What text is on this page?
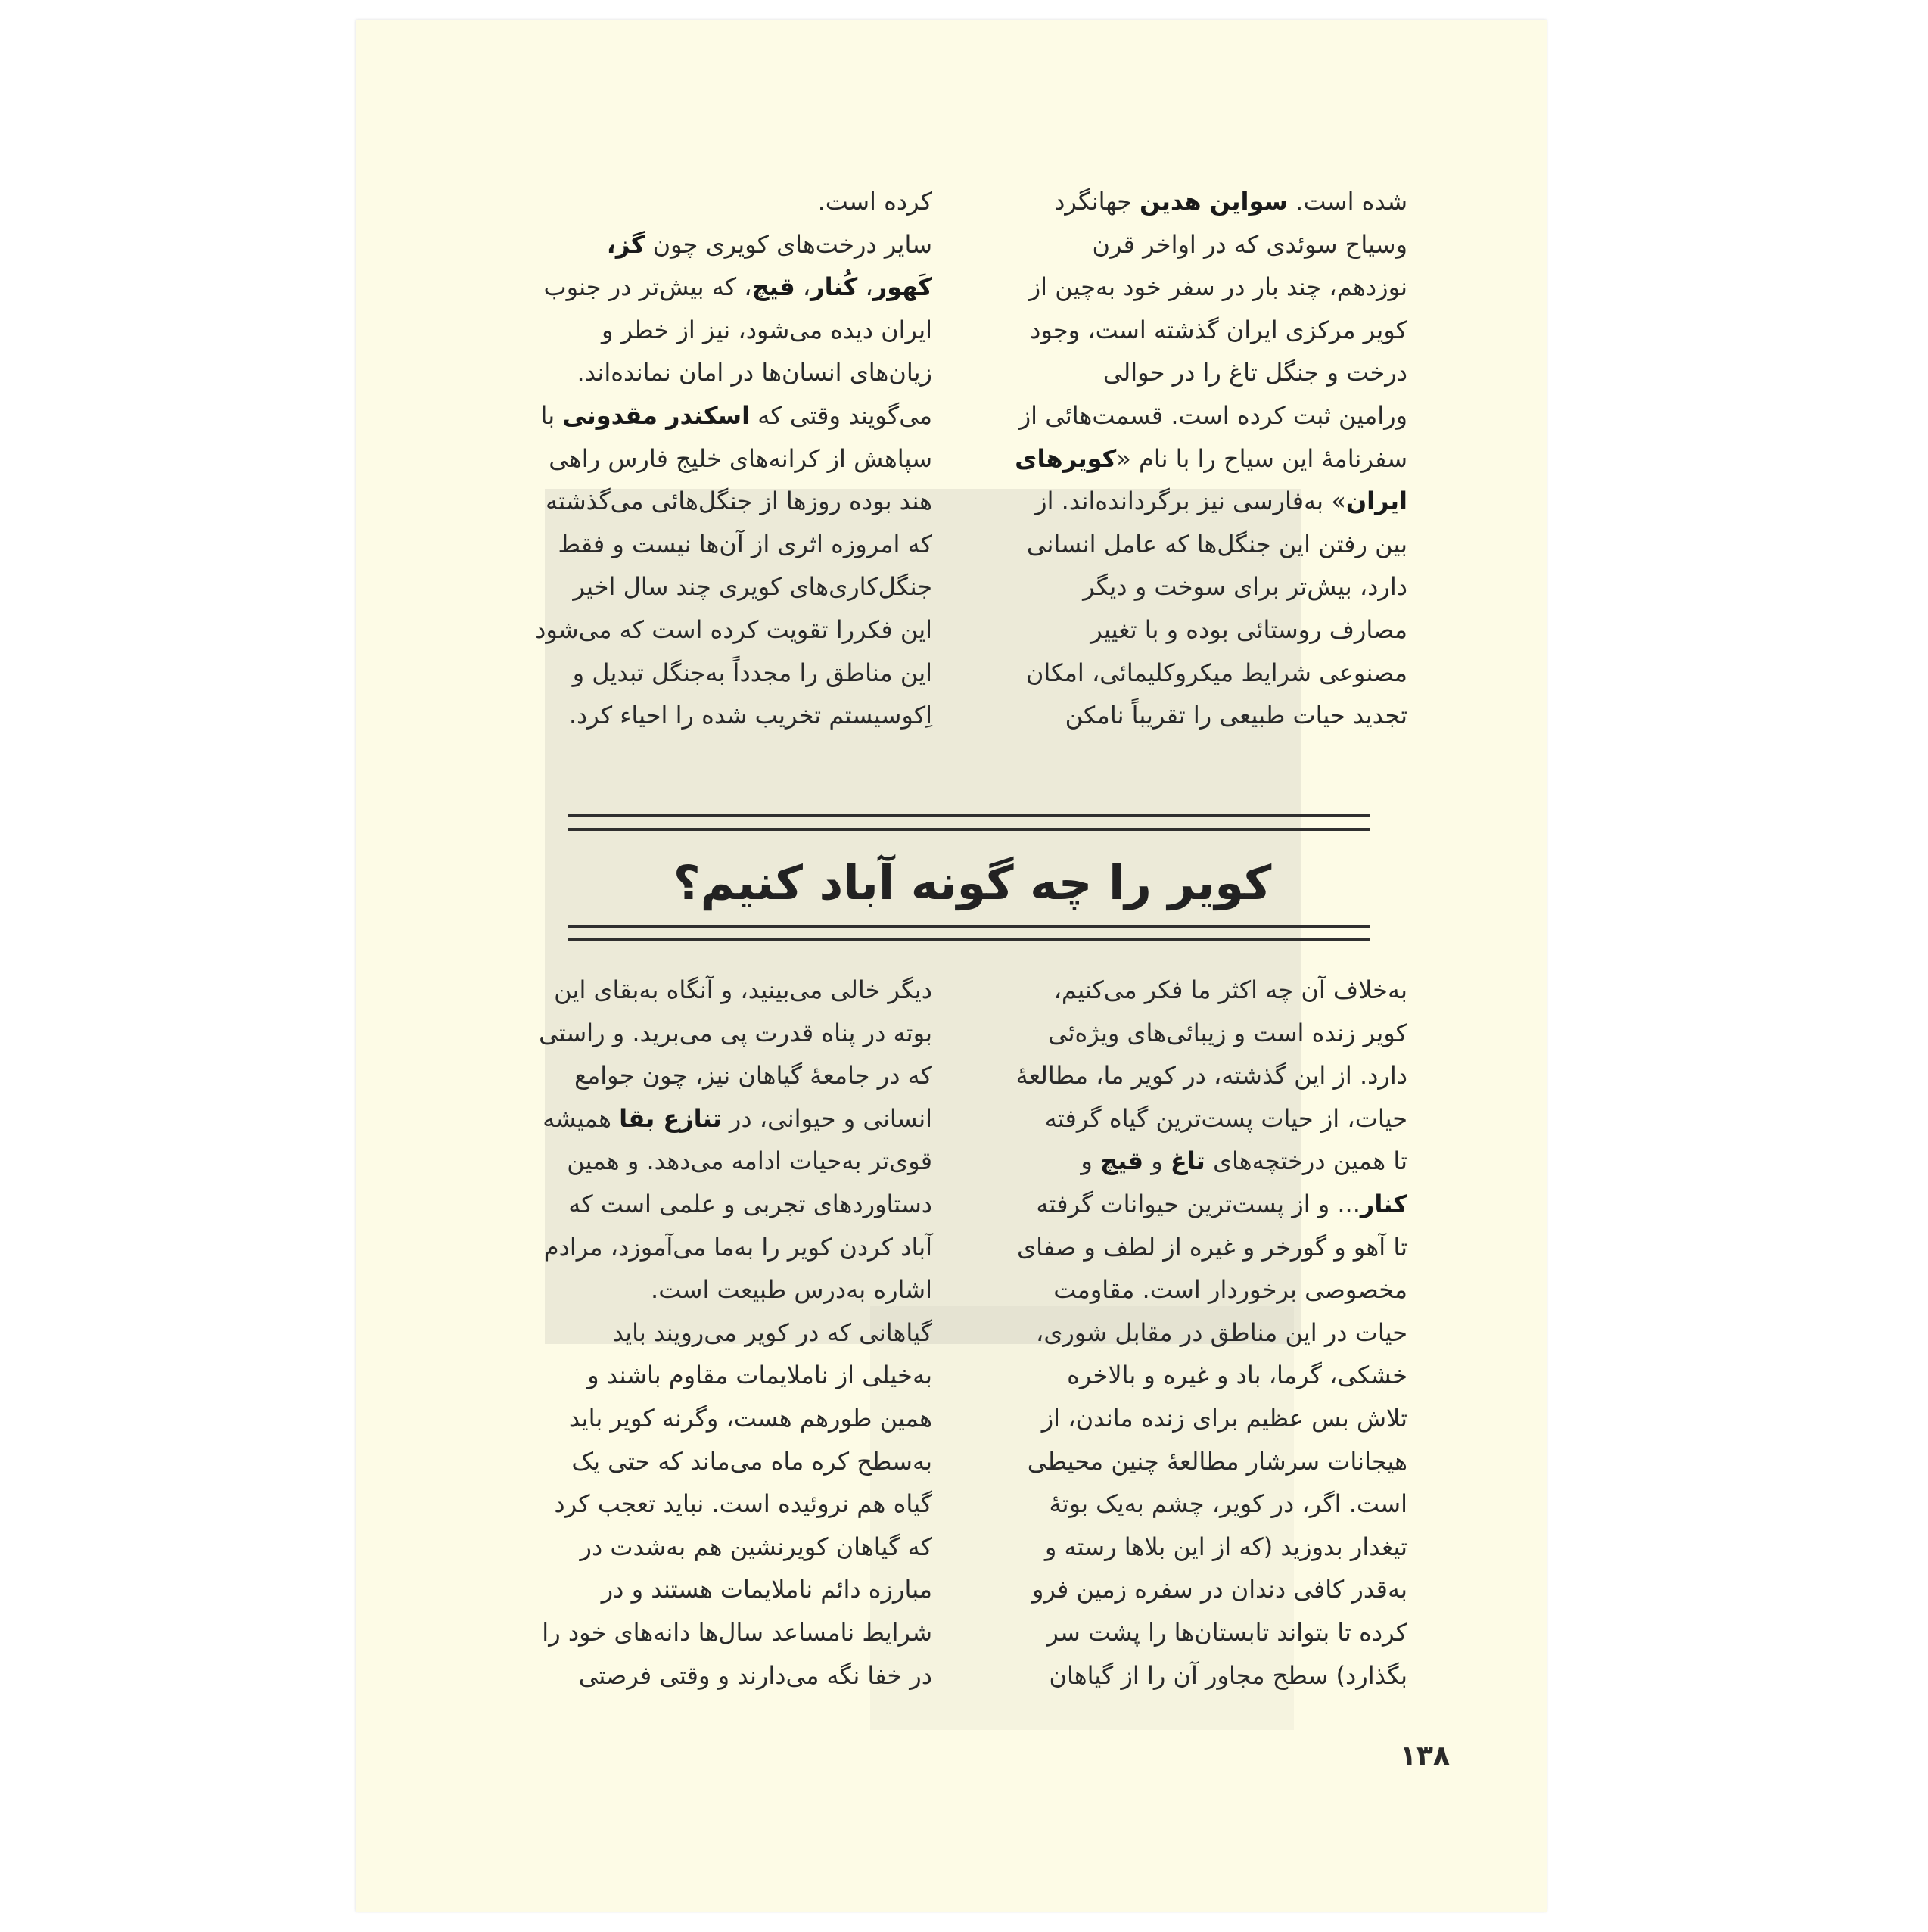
شده است. سواین هدین جهانگرد

وسیاح سوئدی که در اواخر قرن

نوزدهم، چند بار در سفر خود به‌چین از

کویر مرکزی ایران گذشته است، وجود

درخت و جنگل تاغ را در حوالی

ورامین ثبت کرده است. قسمت‌هائی از

سفرنامهٔ این سیاح را با نام «کویرهای

ایران» به‌فارسی نیز برگردانده‌اند. از

بین رفتن این جنگل‌ها که عامل انسانی

دارد، بیش‌تر برای سوخت و دیگر

مصارف روستائی بوده و با تغییر

مصنوعی شرایط میکروکلیمائی، امکان

تجدید حیات طبیعی را تقریباً نامکن

کرده است.

سایر درخت‌های کویری چون گز،

کَهور، کُنار، قیچ، که بیش‌تر در جنوب

ایران دیده می‌شود، نیز از خطر و

زیان‌های انسان‌ها در امان نمانده‌اند.

می‌گویند وقتی که اسکندر مقدونی با

سپاهش از کرانه‌های خلیج فارس راهی

هند بوده روزها از جنگل‌هائی می‌گذشته

که امروزه اثری از آن‌ها نیست و فقط

جنگل‌کاری‌های کویری چند سال اخیر

این فکررا تقویت کرده است که می‌شود

این مناطق را مجدداً به‌جنگل تبدیل و

اِکوسیستم تخریب شده را احیاء کرد.

کویر را چه گونه آباد کنیم؟

به‌خلاف آن چه اکثر ما فکر می‌کنیم،

کویر زنده است و زیبائی‌های ویژه‌ئی

دارد. از این گذشته، در کویر ما، مطالعهٔ

حیات، از حیات پست‌ترین گیاه گرفته

تا همین درختچه‌های تاغ و قیچ و

کنار... و از پست‌ترین حیوانات گرفته

تا آهو و گورخر و غیره از لطف و صفای

مخصوصی برخوردار است. مقاومت

حیات در این مناطق در مقابل شوری،

خشکی، گرما، باد و غیره و بالاخره

تلاش بس عظیم برای زنده ماندن، از

هیجانات سرشار مطالعهٔ چنین محیطی

است. اگر، در کویر، چشم به‌یک بوتهٔ

تیغدار بدوزید (که از این بلاها رسته و

به‌قدر کافی دندان در سفره زمین فرو

کرده تا بتواند تابستان‌ها را پشت سر

بگذارد) سطح مجاور آن را از گیاهان

دیگر خالی می‌بینید، و آنگاه به‌بقای این

بوته در پناه قدرت پی می‌برید. و راستی

که در جامعهٔ گیاهان نیز، چون جوامع

انسانی و حیوانی، در تنازع بقا همیشه

قوی‌تر به‌حیات ادامه می‌دهد. و همین

دستاوردهای تجربی و علمی است که

آباد کردن کویر را به‌ما می‌آموزد، مرادم

اشاره به‌درس طبیعت است.

گیاهانی که در کویر می‌رویند باید

به‌خیلی از ناملایمات مقاوم باشند و

همین طورهم هست، وگرنه کویر باید

به‌سطح کره ماه می‌ماند که حتی یک

گیاه هم نروئیده است. نباید تعجب کرد

که گیاهان کویرنشین هم به‌شدت در

مبارزه دائم ناملایمات هستند و در

شرایط نامساعد سال‌ها دانه‌های خود را

در خفا نگه می‌دارند و وقتی فرصتی

۱۳۸
